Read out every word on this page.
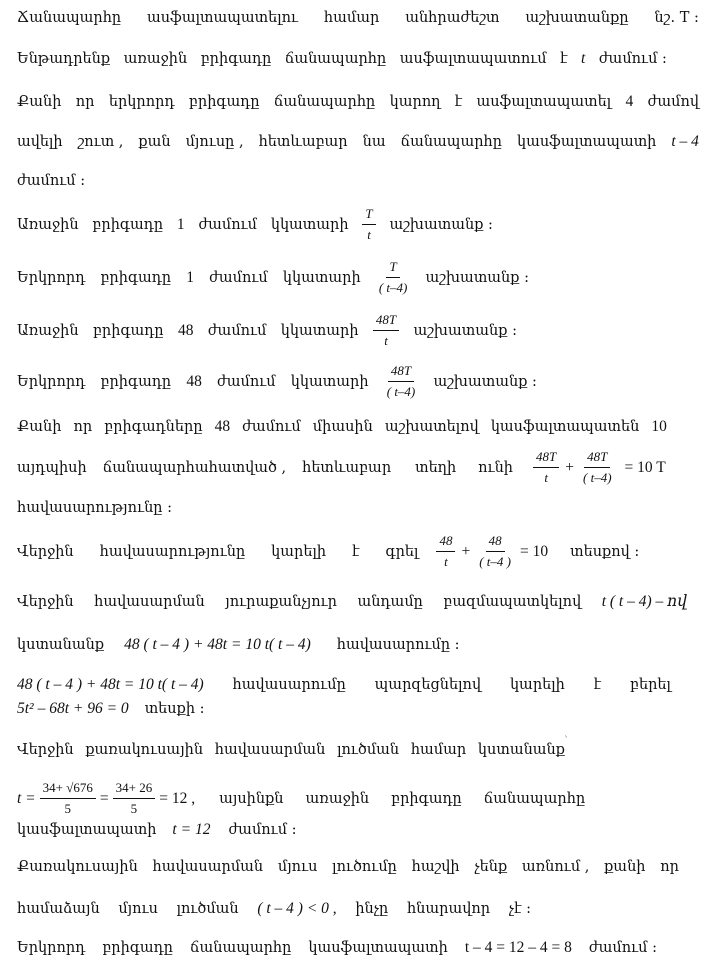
Ճանապարհը ասֆալտապատելու համար անհրաժեշտ աշխատանքը նշ․ T :
Ենթադրենք առաջին բրիգադը ճանապարհը ասֆալտապատում է t ժամում :
Քանի որ երկրորդ բրիգադը ճանապարհը կարող է ասֆալտապատել 4 ժամով
ավելի շուտ , քան մյուսը , հետևաբար նա ճանապարհը կասֆալտապատի t – 4
ժամում :
Առաջին բրիգադը 1 ժամում կկատարի $\frac{T}{t}$ աշխատանք :
Երկրորդ բրիգադը 1 ժամում կկատարի $\frac{T}{( t-4)}$ աշխատանք :
Առաջին բրիգադը 48 ժամում կկատարի $\frac{48T}{t}$ աշխատանք :
Երկրորդ բրիգադը 48 ժամում կկատարի $\frac{48T}{( t-4)}$ աշխատանք :
Քանի որ բրիգադները 48 ժամում միասին աշխատելով կասֆալտապատեն 10
այդպիսի ճանապարհահատված , հետևաբար տեղի ունի $\frac{48T}{t} + \frac{48T}{( t-4)} = 10$ T
հավասարությունը :
Վերջին հավասարությունը կարելի է գրել $\frac{48}{t} + \frac{48}{( t-4 )} = 10$ տեսքով :
Վերջին հավասարման յուրաքանչյուր անդամը բազմապատկելով t ( t – 4) – ով
կստանանք 48 ( t – 4 ) + 48t = 10 t( t – 4) հավասարումը :
48 ( t – 4 ) + 48t = 10 t( t – 4) հավասարումը պարզեցնելով կարելի է բերել
5t² – 68t + 96 = 0 տեսքի :
Վերջին քառակուսային հավասարման լուծման համար կստանանք
`
$t = \frac{34+ √676}{5} = \frac{34+ 26}{5} = 12$ , այսինքն առաջին բրիգադը ճանապարհը
կասֆալտապատի t = 12 ժամում :
Քառակուսային հավասարման մյուս լուծումը հաշվի չենք առնում , քանի որ
համաձայն մյուս լուծման ( t – 4 ) < 0 , ինչը հնարավոր չէ :
Երկրորդ բրիգադը ճանապարհը կասֆալտապատի t – 4 = 12 – 4 = 8 ժամում :
